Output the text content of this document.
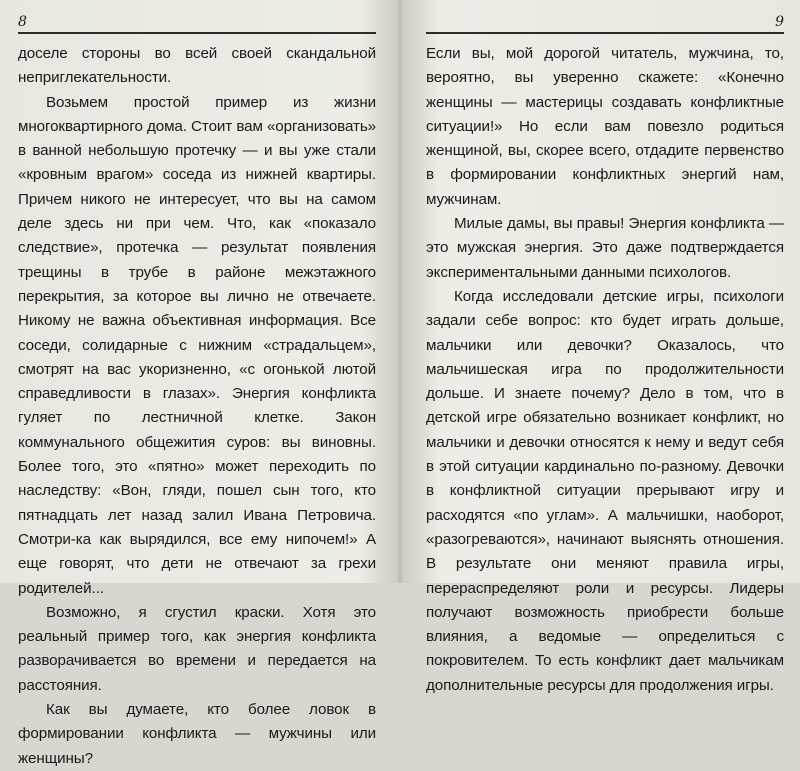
8

доселе стороны во всей своей скандальной неприглекательности.

Возьмем простой пример из жизни многоквартирного дома. Стоит вам «организовать» в ванной небольшую протечку — и вы уже стали «кровным врагом» соседа из нижней квартиры. Причем никого не интересует, что вы на самом деле здесь ни при чем. Что, как «показало следствие», протечка — результат появления трещины в трубе в районе межэтажного перекрытия, за которое вы лично не отвечаете. Никому не важна объективная информация. Все соседи, солидарные с нижним «страдальцем», смотрят на вас укоризненно, «с огонькой лютой справедливости в глазах». Энергия конфликта гуляет по лестничной клетке. Закон коммунального общежития суров: вы виновны. Более того, это «пятно» может переходить по наследству: «Вон, гляди, пошел сын того, кто пятнадцать лет назад залил Ивана Петровича. Смотри-ка как вырядился, все ему нипочем!» А еще говорят, что дети не отвечают за грехи родителей...

Возможно, я сгустил краски. Хотя это реальный пример того, как энергия конфликта разворачивается во времени и передается на расстояния.

Как вы думаете, кто более ловок в формировании конфликта — мужчины или женщины?

9

Если вы, мой дорогой читатель, мужчина, то, вероятно, вы уверенно скажете: «Конечно женщины — мастерицы создавать конфликтные ситуации!» Но если вам повезло родиться женщиной, вы, скорее всего, отдадите первенство в формировании конфликтных энергий нам, мужчинам.

Милые дамы, вы правы! Энергия конфликта — это мужская энергия. Это даже подтверждается экспериментальными данными психологов.

Когда исследовали детские игры, психологи задали себе вопрос: кто будет играть дольше, мальчики или девочки? Оказалось, что мальчишеская игра по продолжительности дольше. И знаете почему? Дело в том, что в детской игре обязательно возникает конфликт, но мальчики и девочки относятся к нему и ведут себя в этой ситуации кардинально по-разному. Девочки в конфликтной ситуации прерывают игру и расходятся «по углам». А мальчишки, наоборот, «разогреваются», начинают выяснять отношения. В результате они меняют правила игры, перераспределяют роли и ресурсы. Лидеры получают возможность приобрести больше влияния, а ведомые — определиться с покровителем. То есть конфликт дает мальчикам дополнительные ресурсы для продолжения игры.
